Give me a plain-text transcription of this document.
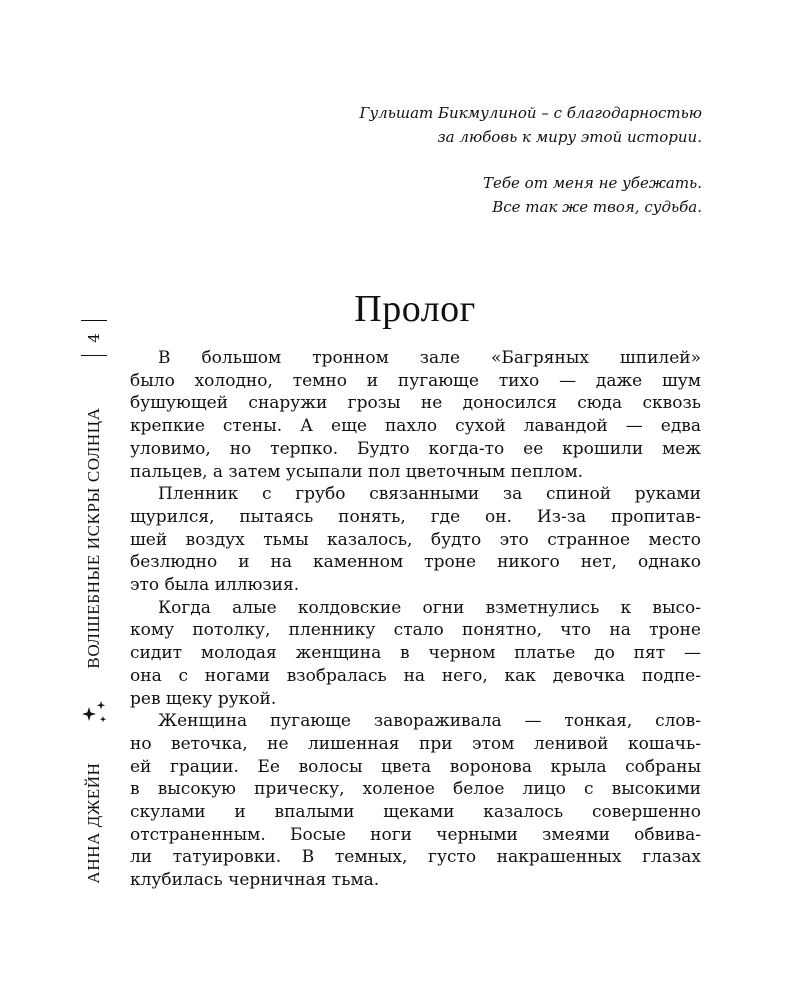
Гульшат Бикмулиной – с благодарностью
за любовь к миру этой истории.

Тебе от меня не убежать.
Все так же твоя, судьба.

Пролог
В большом тронном зале «Багряных шпилей»
было холодно, темно и пугающе тихо — даже шум
бушующей снаружи грозы не доносился сюда сквозь
крепкие стены. А еще пахло сухой лавандой — едва
уловимо, но терпко. Будто когда-то ее крошили меж
пальцев, а затем усыпали пол цветочным пеплом.
Пленник с грубо связанными за спиной руками
щурился, пытаясь понять, где он. Из-за пропитав-
шей воздух тьмы казалось, будто это странное место
безлюдно и на каменном троне никого нет, однако
это была иллюзия.
Когда алые колдовские огни взметнулись к высо-
кому потолку, пленнику стало понятно, что на троне
сидит молодая женщина в черном платье до пят —
она с ногами взобралась на него, как девочка подпе-
рев щеку рукой.
Женщина пугающе завораживала — тонкая, слов-
но веточка, не лишенная при этом ленивой кошачь-
ей грации. Ее волосы цвета воронова крыла собраны
в высокую прическу, холеное белое лицо с высокими
скулами и впалыми щеками казалось совершенно
отстраненным. Босые ноги черными змеями обвива-
ли татуировки. В темных, густо накрашенных глазах
клубилась черничная тьма.
4
ВОЛШЕБНЫЕ ИСКРЫ СОЛНЦА
АННА ДЖЕЙН
